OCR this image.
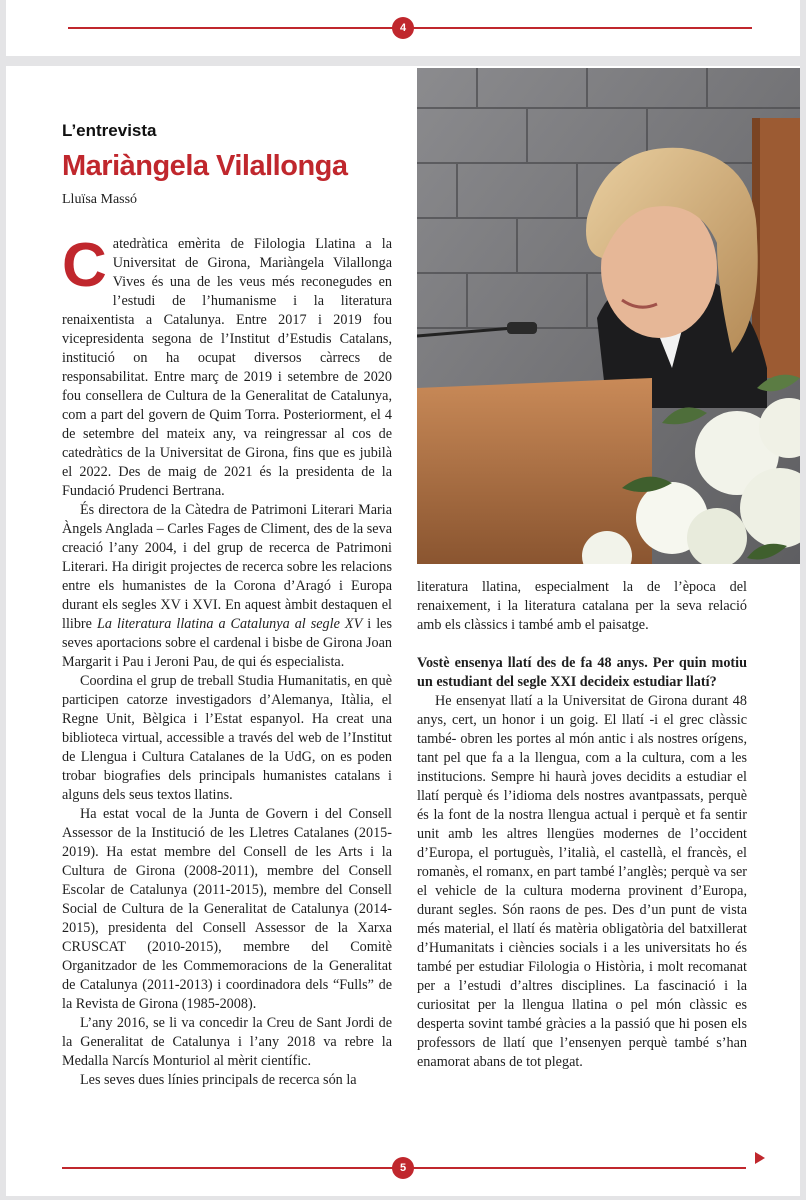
4
L’entrevista
Mariàngela Vilallonga
Lluïsa Massó

Catedràtica emèrita de Filologia Llatina a la Universitat de Girona, Mariàngela Vilallonga Vives és una de les veus més reconegudes en l’estudi de l’humanisme i la literatura renaixentista a Catalunya. Entre 2017 i 2019 fou vicepresidenta segona de l’Institut d’Estudis Catalans, institució on ha ocupat diversos càrrecs de responsabilitat. Entre març de 2019 i setembre de 2020 fou consellera de Cultura de la Generalitat de Catalunya, com a part del govern de Quim Torra. Posteriorment, el 4 de setembre del mateix any, va reingressar al cos de catedràtics de la Universitat de Girona, fins que es jubilà el 2022. Des de maig de 2021 és la presidenta de la Fundació Prudenci Bertrana.

És directora de la Càtedra de Patrimoni Literari Maria Àngels Anglada – Carles Fages de Climent, des de la seva creació l’any 2004, i del grup de recerca de Patrimoni Literari. Ha dirigit projectes de recerca sobre les relacions entre els humanistes de la Corona d’Aragó i Europa durant els segles XV i XVI. En aquest àmbit destaquen el llibre La literatura llatina a Catalunya al segle XV i les seves aportacions sobre el cardenal i bisbe de Girona Joan Margarit i Pau i Jeroni Pau, de qui és especialista.

Coordina el grup de treball Studia Humanitatis, en què participen catorze investigadors d’Alemanya, Itàlia, el Regne Unit, Bèlgica i l’Estat espanyol. Ha creat una biblioteca virtual, accessible a través del web de l’Institut de Llengua i Cultura Catalanes de la UdG, on es poden trobar biografies dels principals humanistes catalans i alguns dels seus textos llatins.

Ha estat vocal de la Junta de Govern i del Consell Assessor de la Institució de les Lletres Catalanes (2015-2019). Ha estat membre del Consell de les Arts i la Cultura de Girona (2008-2011), membre del Consell Escolar de Catalunya (2011-2015), membre del Consell Social de Cultura de la Generalitat de Catalunya (2014-2015), presidenta del Consell Assessor de la Xarxa CRUSCAT (2010-2015), membre del Comitè Organitzador de les Commemoracions de la Generalitat de Catalunya (2011-2013) i coordinadora dels “Fulls” de la Revista de Girona (1985-2008).

L’any 2016, se li va concedir la Creu de Sant Jordi de la Generalitat de Catalunya i l’any 2018 va rebre la Medalla Narcís Monturiol al mèrit científic.

Les seves dues línies principals de recerca són la

literatura llatina, especialment la de l’època del renaixement, i la literatura catalana per la seva relació amb els clàssics i també amb el paisatge.

Vostè ensenya llatí des de fa 48 anys. Per quin motiu un estudiant del segle XXI decideix estudiar llatí?

He ensenyat llatí a la Universitat de Girona durant 48 anys, cert, un honor i un goig. El llatí -i el grec clàssic també- obren les portes al món antic i als nostres orígens, tant pel que fa a la llengua, com a la cultura, com a les institucions. Sempre hi haurà joves decidits a estudiar el llatí perquè és l’idioma dels nostres avantpassats, perquè és la font de la nostra llengua actual i perquè et fa sentir unit amb les altres llengües modernes de l’occident d’Europa, el portuguès, l’italià, el castellà, el francès, el romanès, el romanx, en part també l’anglès; perquè va ser el vehicle de la cultura moderna provinent d’Europa, durant segles. Són raons de pes. Des d’un punt de vista més material, el llatí és matèria obligatòria del batxillerat d’Humanitats i ciències socials i a les universitats ho és també per estudiar Filologia o Història, i molt recomanat per a l’estudi d’altres disciplines. La fascinació i la curiositat per la llengua llatina o pel món clàssic es desperta sovint també gràcies a la passió que hi posen els professors de llatí que l’ensenyen perquè també s’han enamorat abans de tot plegat.

5
